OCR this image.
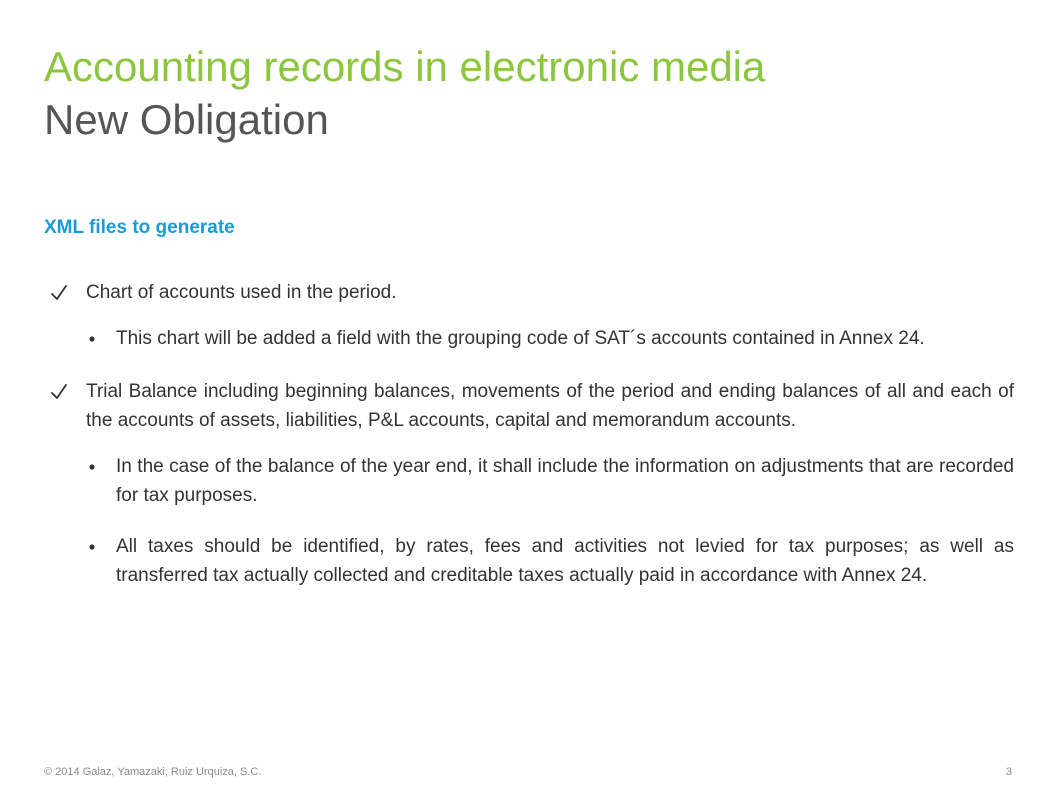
Accounting records in electronic media
New Obligation
XML files to generate
Chart of accounts used in the period.
This chart will be added a field with the grouping code of SAT´s accounts contained in Annex 24.
Trial Balance including beginning balances, movements of the period and ending balances of all and each of the accounts of assets, liabilities, P&L accounts, capital and memorandum accounts.
In the case of the balance of the year end, it shall include the information on adjustments that are recorded for tax purposes.
All taxes should be identified, by rates, fees and activities not levied for tax purposes; as well as transferred tax actually collected and creditable taxes actually paid in accordance with Annex 24.
© 2014 Galaz, Yamazaki, Ruiz Urquiza, S.C.	3
